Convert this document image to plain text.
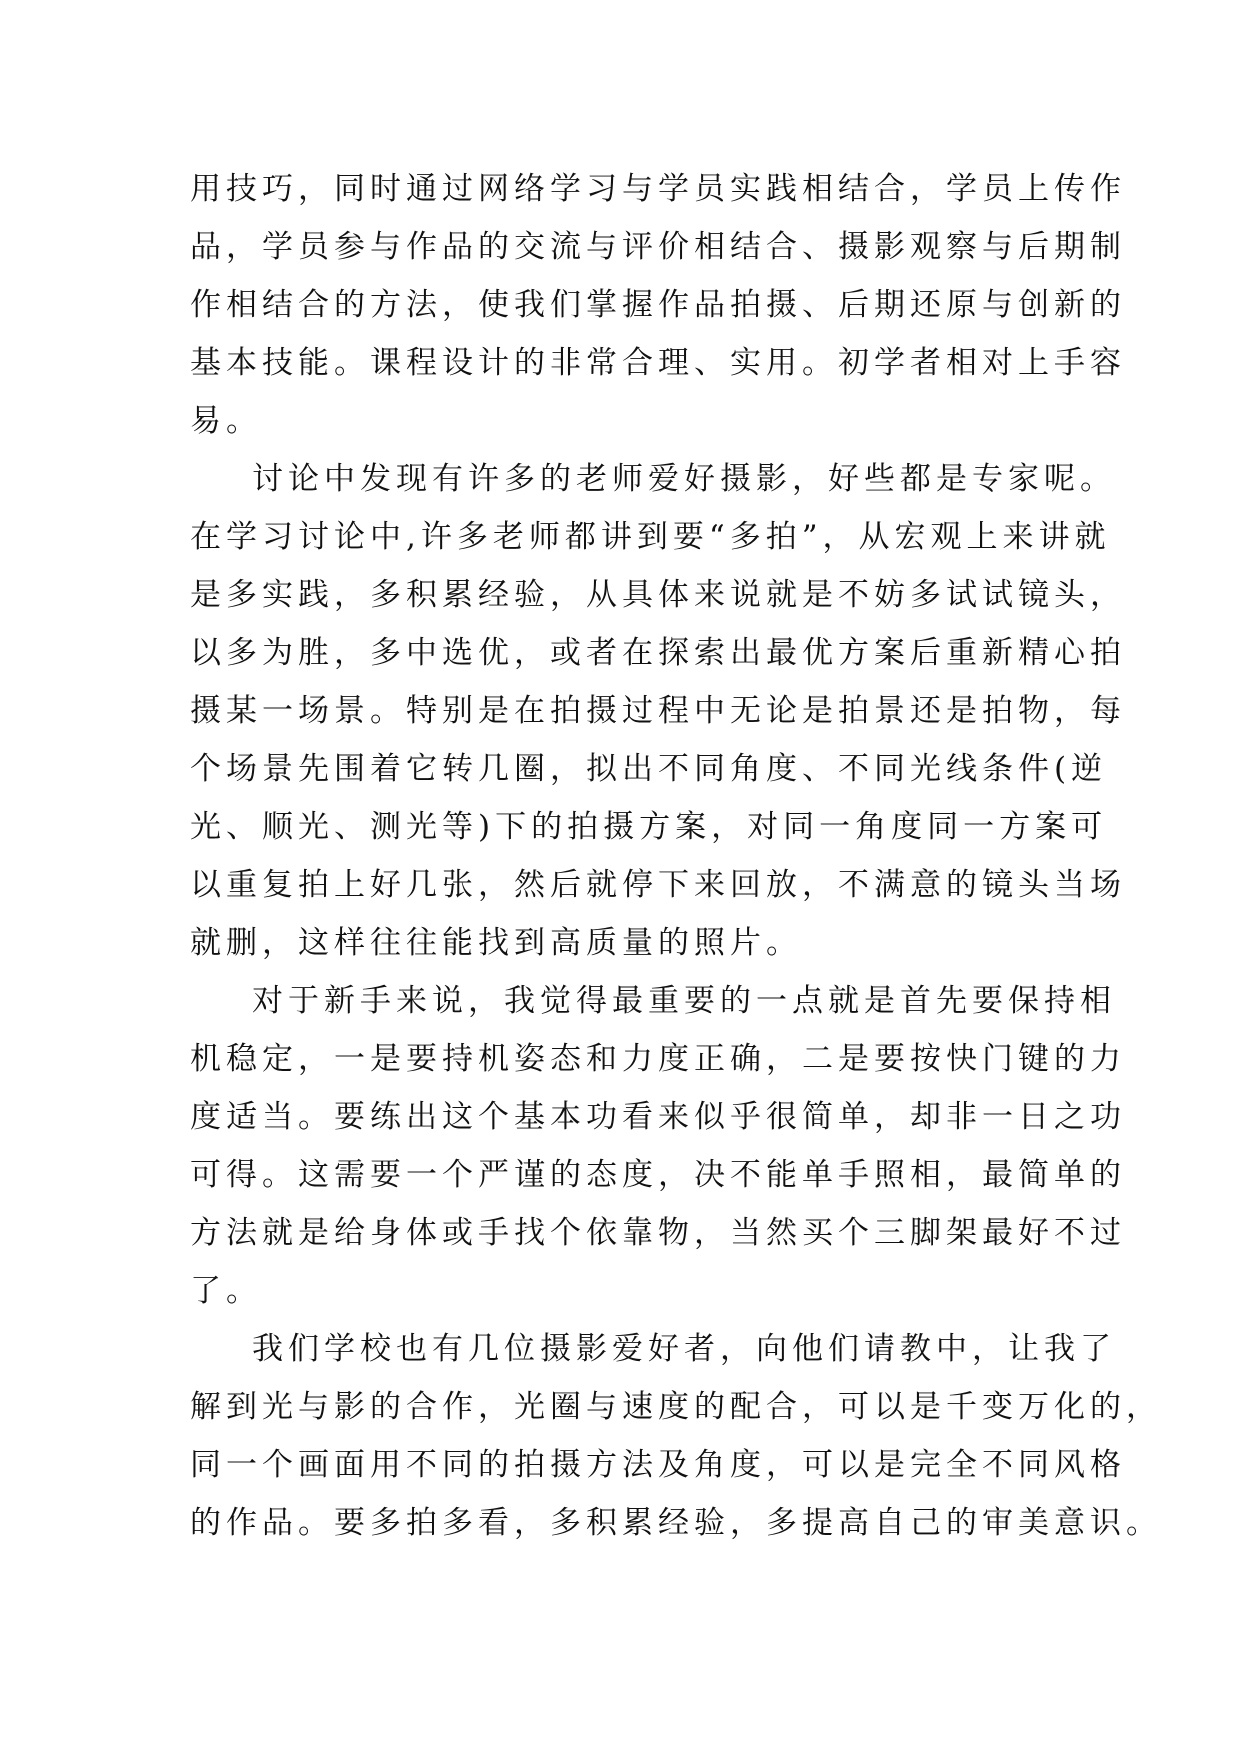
用技巧，同时通过网络学习与学员实践相结合，学员上传作
品，学员参与作品的交流与评价相结合、摄影观察与后期制
作相结合的方法，使我们掌握作品拍摄、后期还原与创新的
基本技能。课程设计的非常合理、实用。初学者相对上手容
易。
讨论中发现有许多的老师爱好摄影，好些都是专家呢。
在学习讨论中,许多老师都讲到要“多拍”，从宏观上来讲就
是多实践，多积累经验，从具体来说就是不妨多试试镜头，
以多为胜，多中选优，或者在探索出最优方案后重新精心拍
摄某一场景。特别是在拍摄过程中无论是拍景还是拍物，每
个场景先围着它转几圈，拟出不同角度、不同光线条件(逆
光、顺光、测光等)下的拍摄方案，对同一角度同一方案可
以重复拍上好几张，然后就停下来回放，不满意的镜头当场
就删，这样往往能找到高质量的照片。
对于新手来说，我觉得最重要的一点就是首先要保持相
机稳定，一是要持机姿态和力度正确，二是要按快门键的力
度适当。要练出这个基本功看来似乎很简单，却非一日之功
可得。这需要一个严谨的态度，决不能单手照相，最简单的
方法就是给身体或手找个依靠物，当然买个三脚架最好不过
了。
我们学校也有几位摄影爱好者，向他们请教中，让我了
解到光与影的合作，光圈与速度的配合，可以是千变万化的，
同一个画面用不同的拍摄方法及角度，可以是完全不同风格
的作品。要多拍多看，多积累经验，多提高自己的审美意识。
